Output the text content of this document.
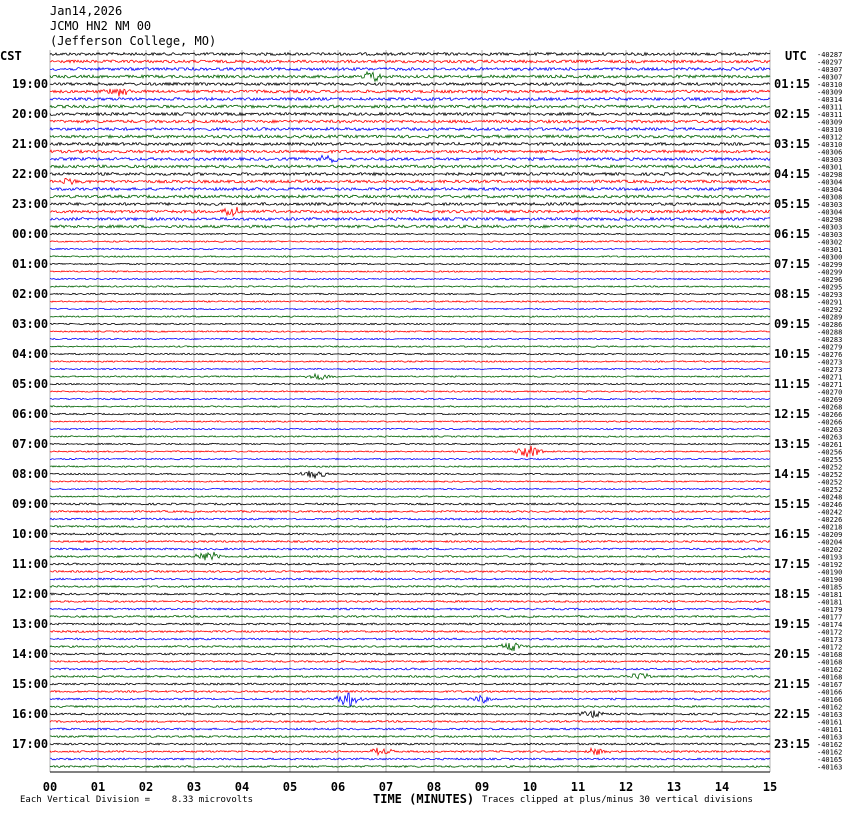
Jan14,2026
JCMO HN2 NM 00
(Jefferson College, MO)
CST	UTC -40287
-40297
-40307
-40307
-40310
-40309
-40314
-40311
-40311
-40309
-40310
-40312
-40310
-40306
-40303
-40301
-40298
-40304
-40304
-40308
-40303
-40304
-40298
-40303
-40303
-40302
-40301
-40300
-40299
-40299
-40296
-40295
-40293
-40291
-40292
-40289
-40286
-40288
-40283
-40279
-40276
-40273
-40273
-40271
-40271
-40270
-40269
-40268
-40266
-40266
-40263
-40263
-40261
-40256
-40255
-40252
-40252
-40252
-40252
-40248
-40246
-40242
-40226
-40218
-40209
-40204
-40202
-40193
-40192
-40190
-40190
-40185
-40181
-40181
-40179
-40177
-40174
-40172
-40173
-40172
-40168
-40168
-40162
-40168
-40167
-40166
-40166
-40162
-40163
-40161
-40161
-40163
-40162
-40162
-40165
-40163
19:00	01:15
20:00	02:15
21:00	03:15
22:00	04:15
23:00	05:15
00:00	06:15
01:00	07:15
02:00	08:15
03:00	09:15
04:00	10:15
05:00	11:15
06:00	12:15
07:00	13:15
08:00	14:15
09:00	15:15
10:00	16:15
11:00	17:15
12:00	18:15
13:00	19:15
14:00	20:15
15:00	21:15
16:00	22:15
17:00	23:15
00	01	02	03	04	05	06	07	08	09	10	11	12	13	14	15
Each Vertical Division =    8.33 microvolts	TIME (MINUTES) Traces clipped at plus/minus 30 vertical divisions
